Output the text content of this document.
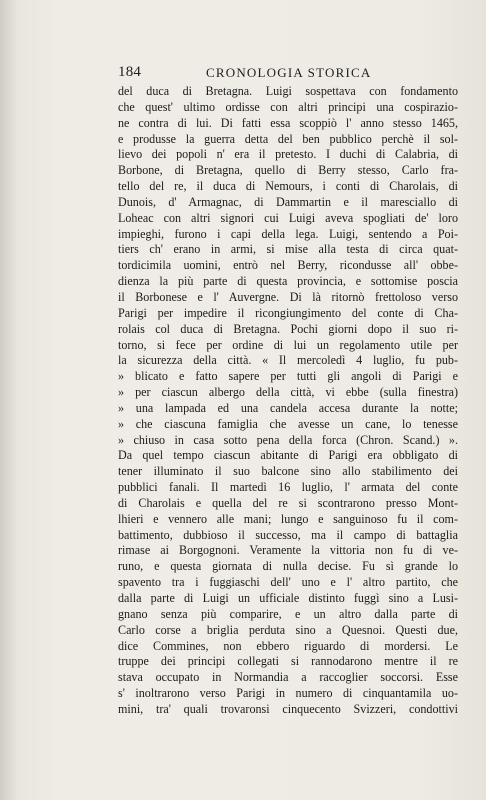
184	CRONOLOGIA STORICA
del duca di Bretagna. Luigi sospettava con fondamento
che quest' ultimo ordisse con altri principi una cospirazio-
ne contra di lui. Di fatti essa scoppiò l' anno stesso 1465,
e produsse la guerra detta del ben pubblico perchè il sol-
lievo dei popoli n' era il pretesto. I duchi di Calabria, di
Borbone, di Bretagna, quello di Berry stesso, Carlo fra-
tello del re, il duca di Nemours, i conti di Charolais, di
Dunois, d' Armagnac, di Dammartin e il maresciallo di
Loheac con altri signori cui Luigi aveva spogliati de' loro
impieghi, furono i capi della lega. Luigi, sentendo a Poi-
tiers ch' erano in armi, si mise alla testa di circa quat-
tordicimila uomini, entrò nel Berry, ricondusse all' obbe-
dienza la più parte di questa provincia, e sottomise poscia
il Borbonese e l' Auvergne. Di là ritornò frettoloso verso
Parigi per impedire il ricongiungimento del conte di Cha-
rolais col duca di Bretagna. Pochi giorni dopo il suo ri-
torno, si fece per ordine di lui un regolamento utile per
la sicurezza della città. « Il mercoledì 4 luglio, fu pub-
» blicato e fatto sapere per tutti gli angoli di Parigi e
» per ciascun albergo della città, vi ebbe (sulla finestra)
» una lampada ed una candela accesa durante la notte;
» che ciascuna famiglia che avesse un cane, lo tenesse
» chiuso in casa sotto pena della forca (Chron. Scand.) ».
Da quel tempo ciascun abitante di Parigi era obbligato di
tener illuminato il suo balcone sino allo stabilimento dei
pubblici fanali. Il martedì 16 luglio, l' armata del conte
di Charolais e quella del re si scontrarono presso Mont-
lhieri e vennero alle mani; lungo e sanguinoso fu il com-
battimento, dubbioso il successo, ma il campo di battaglia
rimase ai Borgognoni. Veramente la vittoria non fu di ve-
runo, e questa giornata di nulla decise. Fu sì grande lo
spavento tra i fuggiaschi dell' uno e l' altro partito, che
dalla parte di Luigi un ufficiale distinto fuggì sino a Lusi-
gnano senza più comparire, e un altro dalla parte di
Carlo corse a briglia perduta sino a Quesnoi. Questi due,
dice Commines, non ebbero riguardo di mordersi. Le
truppe dei principi collegati si rannodarono mentre il re
stava occupato in Normandia a raccoglier soccorsi. Esse
s' inoltrarono verso Parigi in numero di cinquantamila uo-
mini, tra' quali trovaronsi cinquecento Svizzeri, condottivi
